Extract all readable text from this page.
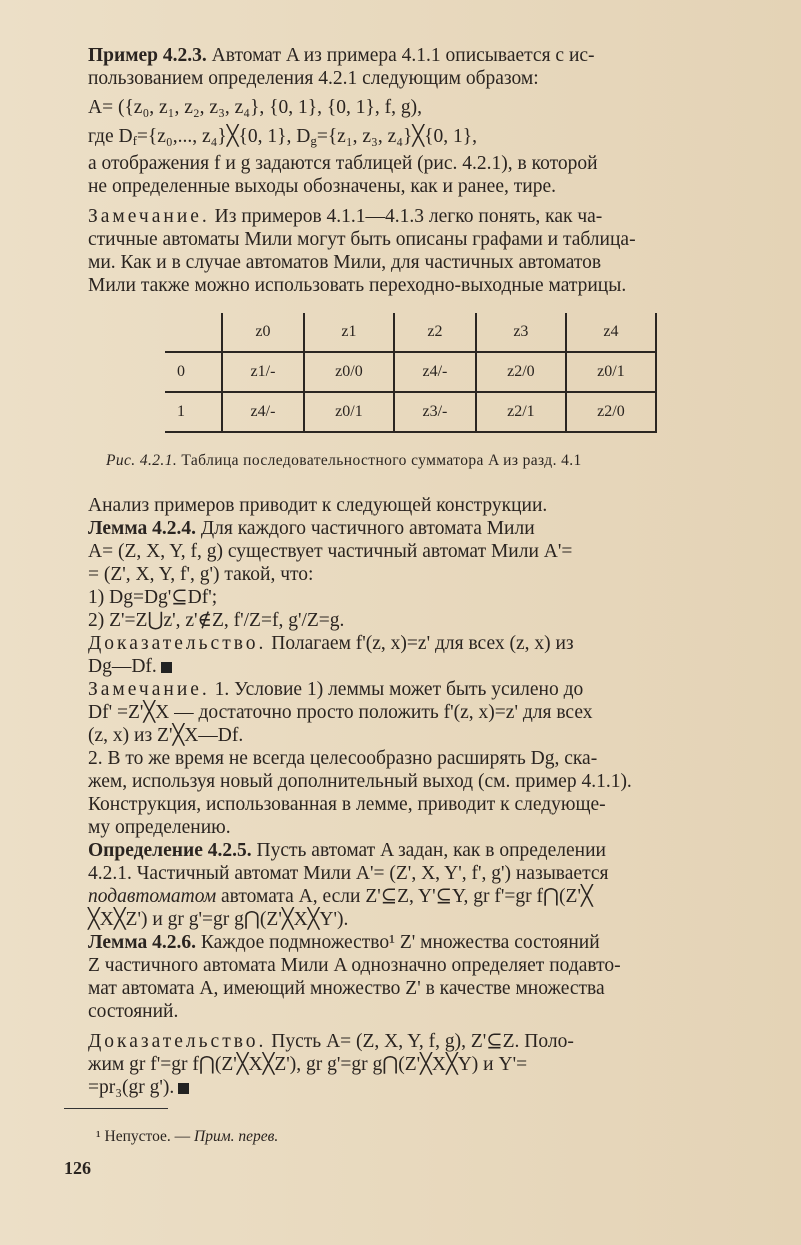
Пример 4.2.3. Автомат A из примера 4.1.1 описывается с ис-
пользованием определения 4.2.1 следующим образом:
A= ({z₀, z₁, z₂, z₃, z₄}, {0, 1}, {0, 1}, f, g),
где $D_f=\{z_0$,..., z₄}╳{0, 1}, $D_g=\{z_1$, z₃, z₄}╳{0, 1},
а отображения f и g задаются таблицей (рис. 4.2.1), в которой
не определенные выходы обозначены, как и ранее, тире.

Замечание. Из примеров 4.1.1—4.1.3 легко понять, как ча-
стичные автоматы Мили могут быть описаны графами и таблица-
ми. Как и в случае автоматов Мили, для частичных автоматов
Мили также можно использовать переходно-выходные матрицы.

	z0	z1	z2	z3	z4
0	z1/-	z0/0	z4/-	z2/0	z0/1
1	z4/-	z0/1	z3/-	z2/1	z2/0
Рис. 4.2.1. Таблица последовательностного сумматора A из разд. 4.1

Анализ примеров приводит к следующей конструкции.

Лемма 4.2.4. Для каждого частичного автомата Мили
A= (Z, X, Y, f, g) существует частичный автомат Мили A'=
= (Z', X, Y, f', g') такой, что:
1) Dg=Dg'⊆Df';
2) Z'=Z⋃z', z'∉Z, f'/Z=f, g'/Z=g.

Доказательство. Полагаем f'(z, x)=z' для всех (z, x) из
Dg—Df.

Замечание. 1. Условие 1) леммы может быть усилено до
Df' =Z'╳X — достаточно просто положить f'(z, x)=z' для всех
(z, x) из Z'╳X—Df.
2. В то же время не всегда целесообразно расширять Dg, ска-
жем, используя новый дополнительный выход (см. пример 4.1.1).
Конструкция, использованная в лемме, приводит к следующе-
му определению.

Определение 4.2.5. Пусть автомат A задан, как в определении
4.2.1. Частичный автомат Мили A'= (Z', X, Y', f', g') называется
подавтоматом автомата A, если Z'⊆Z, Y'⊆Y, gr f'=gr f⋂(Z'╳
╳X╳Z') и gr g'=gr g⋂(Z'╳X╳Y').

Лемма 4.2.6. Каждое подмножество¹ Z' множества состояний
Z частичного автомата Мили A однозначно определяет подавто-
мат автомата A, имеющий множество Z' в качестве множества
состояний.

Доказательство. Пусть A= (Z, X, Y, f, g), Z'⊆Z. Поло-
жим gr f'=gr f⋂(Z'╳X╳Z'), gr g'=gr g⋂(Z'╳X╳Y) и Y'=
=pr₃(gr g').

¹ Непустое. — Прим. перев.
126
